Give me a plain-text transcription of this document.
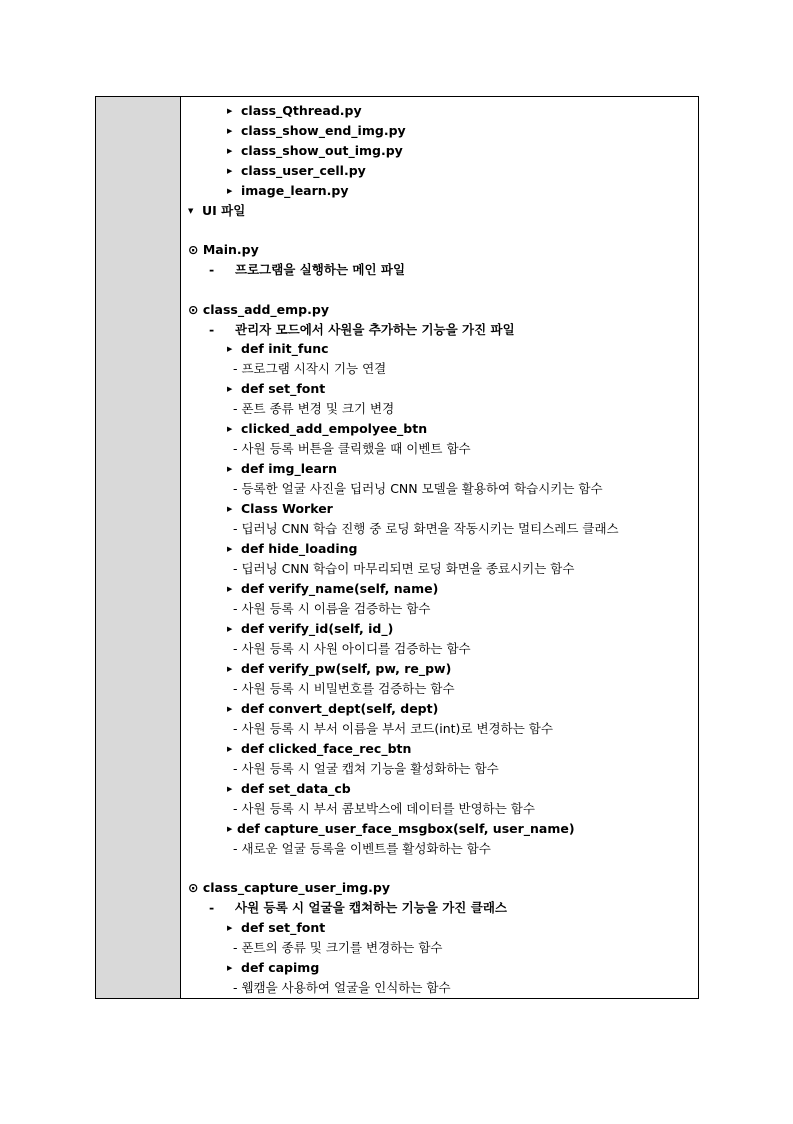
▶ class_Qthread.py
▶ class_show_end_img.py
▶ class_show_out_img.py
▶ class_user_cell.py
▶ image_learn.py
▼ UI 파일
⊙ Main.py
- 프로그램을 실행하는 메인 파일
⊙ class_add_emp.py
- 관리자 모드에서 사원을 추가하는 기능을 가진 파일
▶ def init_func
- 프로그램 시작시 기능 연결
▶ def set_font
- 폰트 종류 변경 및 크기 변경
▶ clicked_add_empolyee_btn
- 사원 등록 버튼을 클릭했을 때 이벤트 함수
▶ def img_learn
- 등록한 얼굴 사진을 딥러닝 CNN 모델을 활용하여 학습시키는 함수
▶ Class Worker
- 딥러닝 CNN 학습 진행 중 로딩 화면을 작동시키는 멀티스레드 클래스
▶ def hide_loading
- 딥러닝 CNN 학습이 마무리되면 로딩 화면을 종료시키는 함수
▶ def verify_name(self, name)
- 사원 등록 시 이름을 검증하는 함수
▶ def verify_id(self, id_)
- 사원 등록 시 사원 아이디를 검증하는 함수
▶ def verify_pw(self, pw, re_pw)
- 사원 등록 시 비밀번호를 검증하는 함수
▶ def convert_dept(self, dept)
- 사원 등록 시 부서 이름을 부서 코드(int)로 변경하는 함수
▶ def clicked_face_rec_btn
- 사원 등록 시 얼굴 캡쳐 기능을 활성화하는 함수
▶ def set_data_cb
- 사원 등록 시 부서 콤보박스에 데이터를 반영하는 함수
▶ def capture_user_face_msgbox(self, user_name)
- 새로운 얼굴 등록을 이벤트를 활성화하는 함수
⊙ class_capture_user_img.py
- 사원 등록 시 얼굴을 캡쳐하는 기능을 가진 클래스
▶ def set_font
- 폰트의 종류 및 크기를 변경하는 함수
▶ def capimg
- 웹캠을 사용하여 얼굴을 인식하는 함수
